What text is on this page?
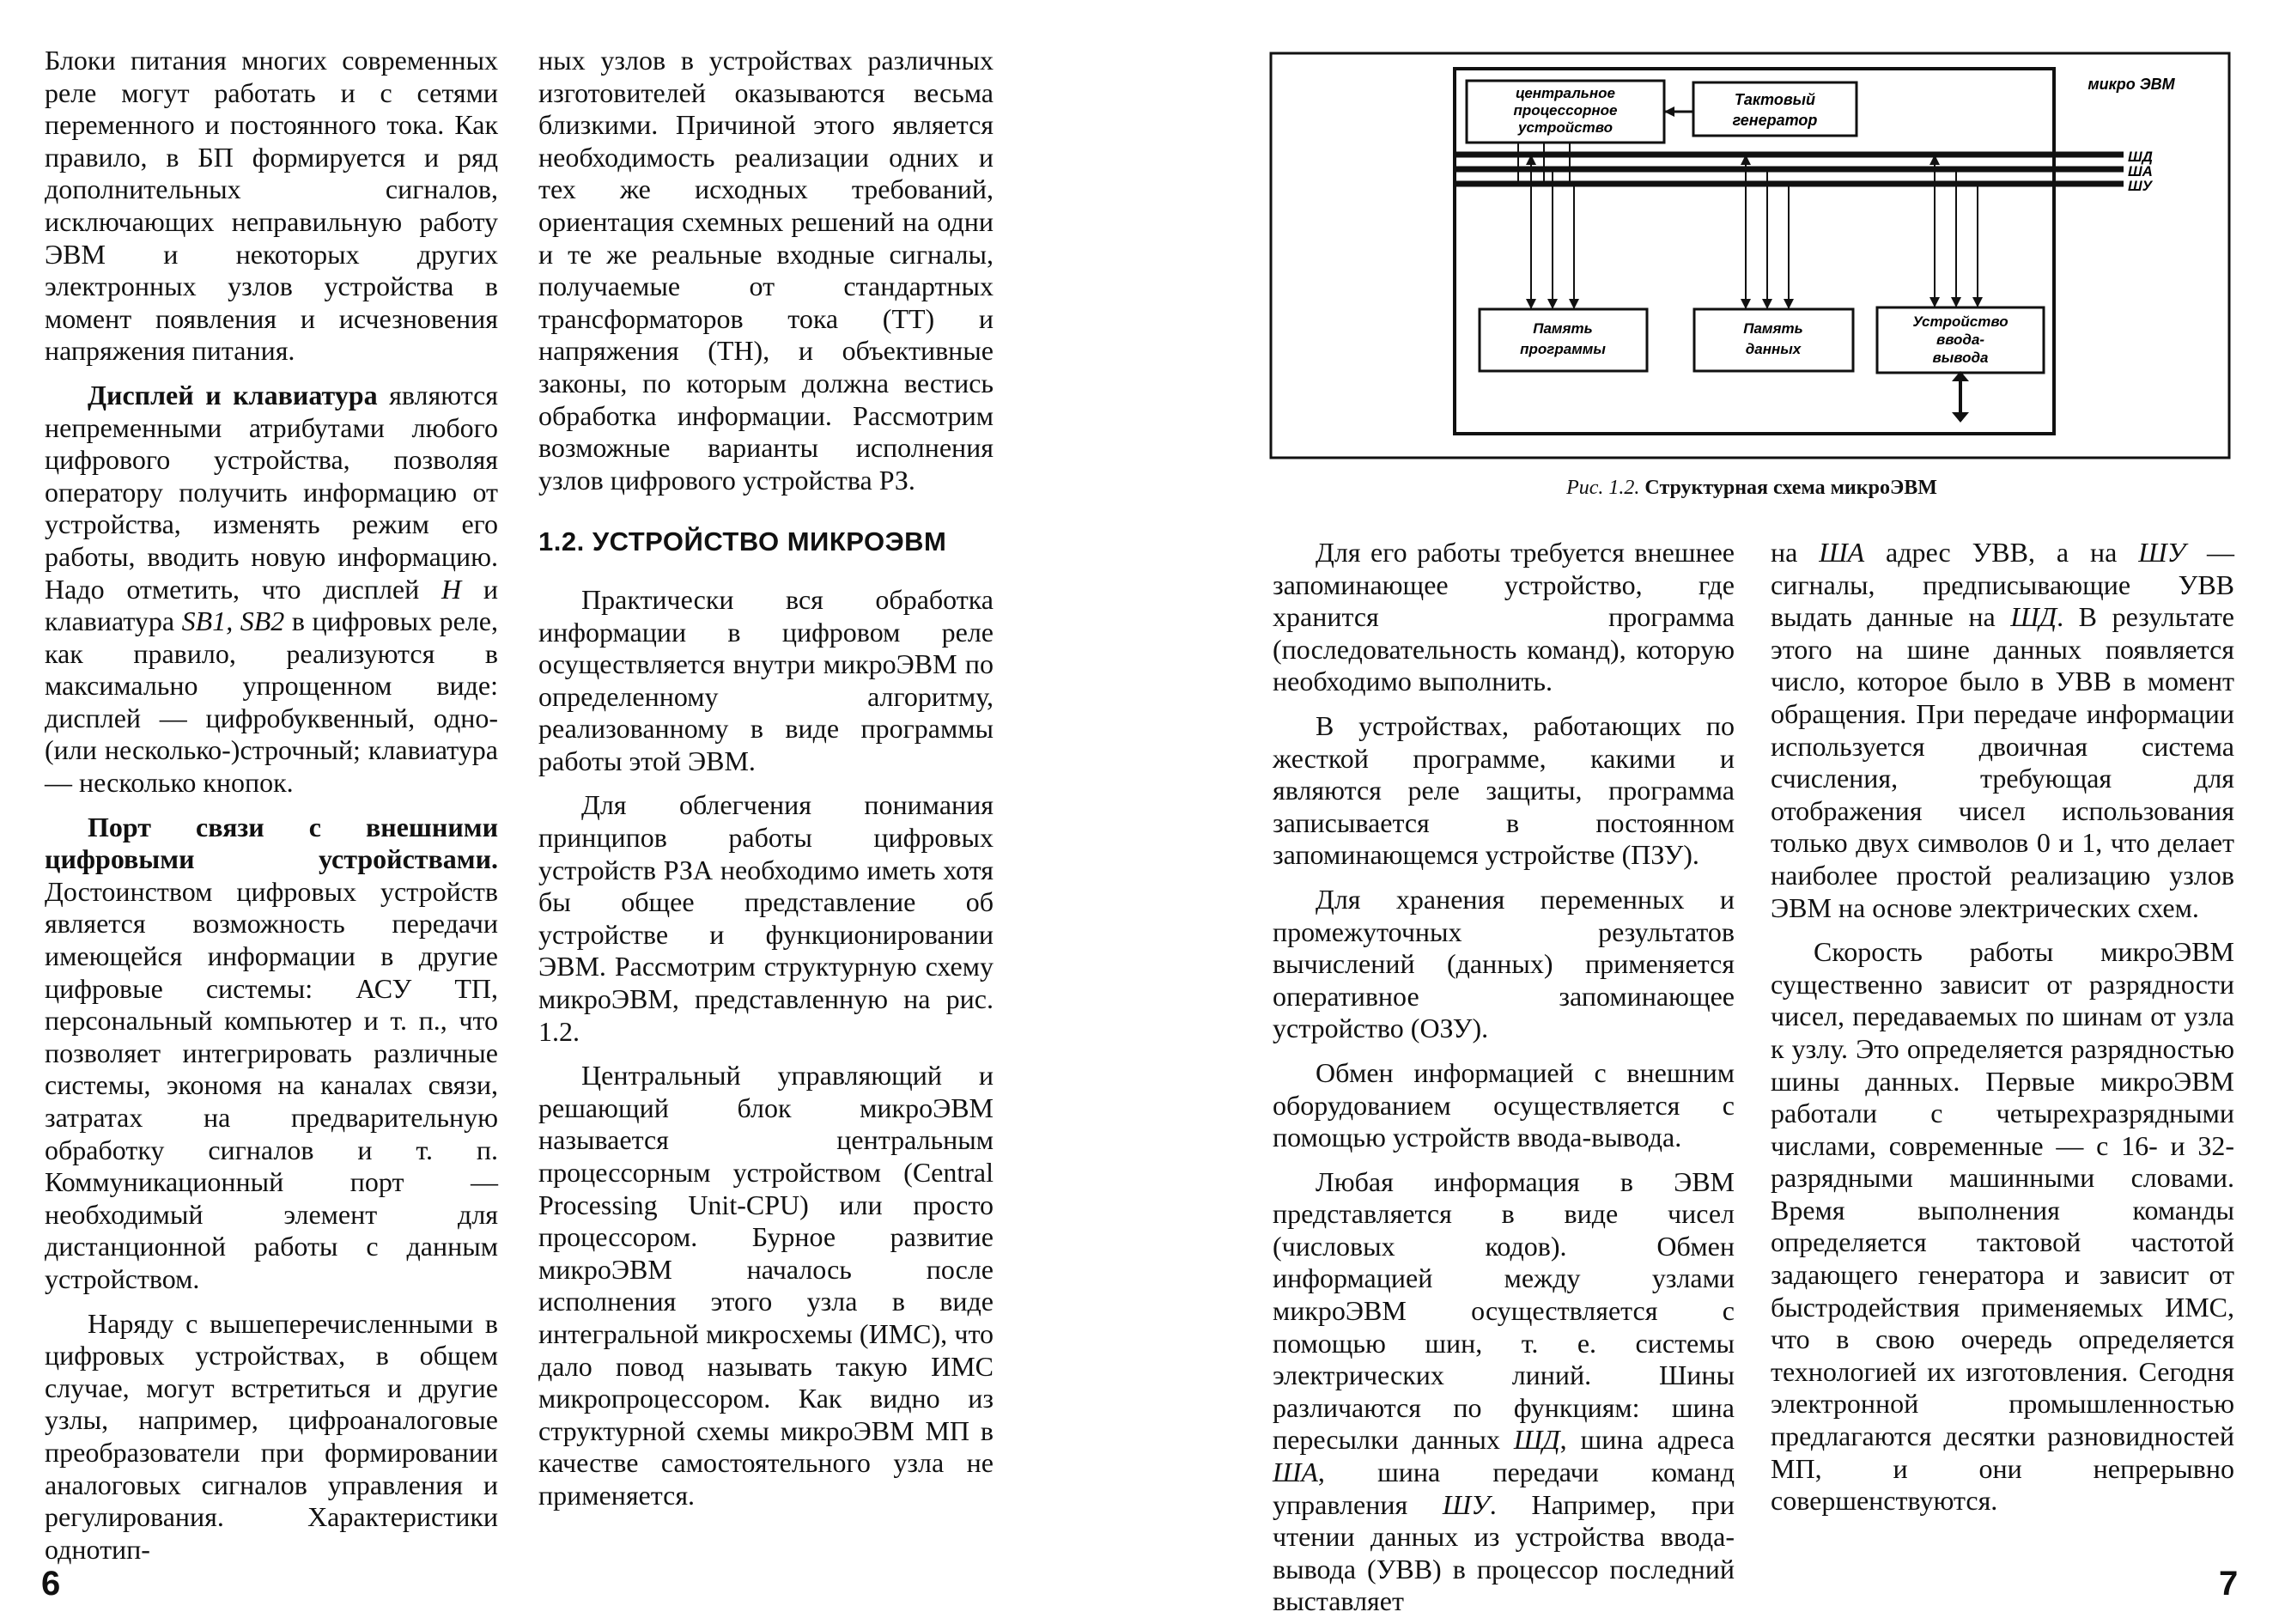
Блоки питания многих современных реле могут работать и с сетями переменного и постоянного тока. Как правило, в БП формируется и ряд дополнительных сигналов, исключающих неправильную работу ЭВМ и некоторых других электронных узлов устройства в момент появления и исчезновения напряжения питания.

Дисплей и клавиатура являются непременными атрибутами любого цифрового устройства, позволяя оператору получить информацию от устройства, изменять режим его работы, вводить новую информацию. Надо отметить, что дисплей Н и клавиатура SB1, SB2 в цифровых реле, как правило, реализуются в максимально упрощенном виде: дисплей — цифробуквенный, одно-(или несколько-)строчный; клавиатура — несколько кнопок.

Порт связи с внешними цифровыми устройствами. Достоинством цифровых устройств является возможность передачи имеющейся информации в другие цифровые системы: АСУ ТП, персональный компьютер и т. п., что позволяет интегрировать различные системы, экономя на каналах связи, затратах на предварительную обработку сигналов и т. п. Коммуникационный порт — необходимый элемент для дистанционной работы с данным устройством.

Наряду с вышеперечисленными в цифровых устройствах, в общем случае, могут встретиться и другие узлы, например, цифроаналоговые преобразователи при формировании аналоговых сигналов управления и регулирования. Характеристики однотип-

ных узлов в устройствах различных изготовителей оказываются весьма близкими. Причиной этого является необходимость реализации одних и тех же исходных требований, ориентация схемных решений на одни и те же реальные входные сигналы, получаемые от стандартных трансформаторов тока (ТТ) и напряжения (ТН), и объективные законы, по которым должна вестись обработка информации. Рассмотрим возможные варианты исполнения узлов цифрового устройства РЗ.

1.2. УСТРОЙСТВО МИКРОЭВМ

Практически вся обработка информации в цифровом реле осуществляется внутри микроЭВМ по определенному алгоритму, реализованному в виде программы работы этой ЭВМ.

Для облегчения понимания принципов работы цифровых устройств РЗА необходимо иметь хотя бы общее представление об устройстве и функционировании ЭВМ. Рассмотрим структурную схему микроЭВМ, представленную на рис. 1.2.

Центральный управляющий и решающий блок микроЭВМ называется центральным процессорным устройством (Central Processing Unit-CPU) или просто процессором. Бурное развитие микроЭВМ началось после исполнения этого узла в виде интегральной микросхемы (ИМС), что дало повод называть такую ИМС микропроцессором. Как видно из структурной схемы микроЭВМ МП в качестве самостоятельного узла не применяется.

6
микро ЭВМ
центральное
процессорное
устройство
Тактовый
генератор
ШД
ША
ШУ
Память
программы
Память
данных
Устройство
ввода-
вывода
Рис. 1.2. Структурная схема микроЭВМ

Для его работы требуется внешнее запоминающее устройство, где хранится программа (последовательность команд), которую необходимо выполнить.

В устройствах, работающих по жесткой программе, какими и являются реле защиты, программа записывается в постоянном запоминающемся устройстве (ПЗУ).

Для хранения переменных и промежуточных результатов вычислений (данных) применяется оперативное запоминающее устройство (ОЗУ).

Обмен информацией с внешним оборудованием осуществляется с помощью устройств ввода-вывода.

Любая информация в ЭВМ представляется в виде чисел (числовых кодов). Обмен информацией между узлами микроЭВМ осуществляется с помощью шин, т. е. системы электрических линий. Шины различаются по функциям: шина пересылки данных ШД, шина адреса ША, шина передачи команд управления ШУ. Например, при чтении данных из устройства ввода-вывода (УВВ) в процессор последний выставляет

на ША адрес УВВ, а на ШУ — сигналы, предписывающие УВВ выдать данные на ШД. В результате этого на шине данных появляется число, которое было в УВВ в момент обращения. При передаче информации используется двоичная система счисления, требующая для отображения чисел использования только двух символов 0 и 1, что делает наиболее простой реализацию узлов ЭВМ на основе электрических схем.

Скорость работы микроЭВМ существенно зависит от разрядности чисел, передаваемых по шинам от узла к узлу. Это определяется разрядностью шины данных. Первые микроЭВМ работали с четырехразрядными числами, современные — с 16- и 32-разрядными машинными словами. Время выполнения команды определяется тактовой частотой задающего генератора и зависит от быстродействия применяемых ИМС, что в свою очередь определяется технологией их изготовления. Сегодня электронной промышленностью предлагаются десятки разновидностей МП, и они непрерывно совершенствуются.

7
